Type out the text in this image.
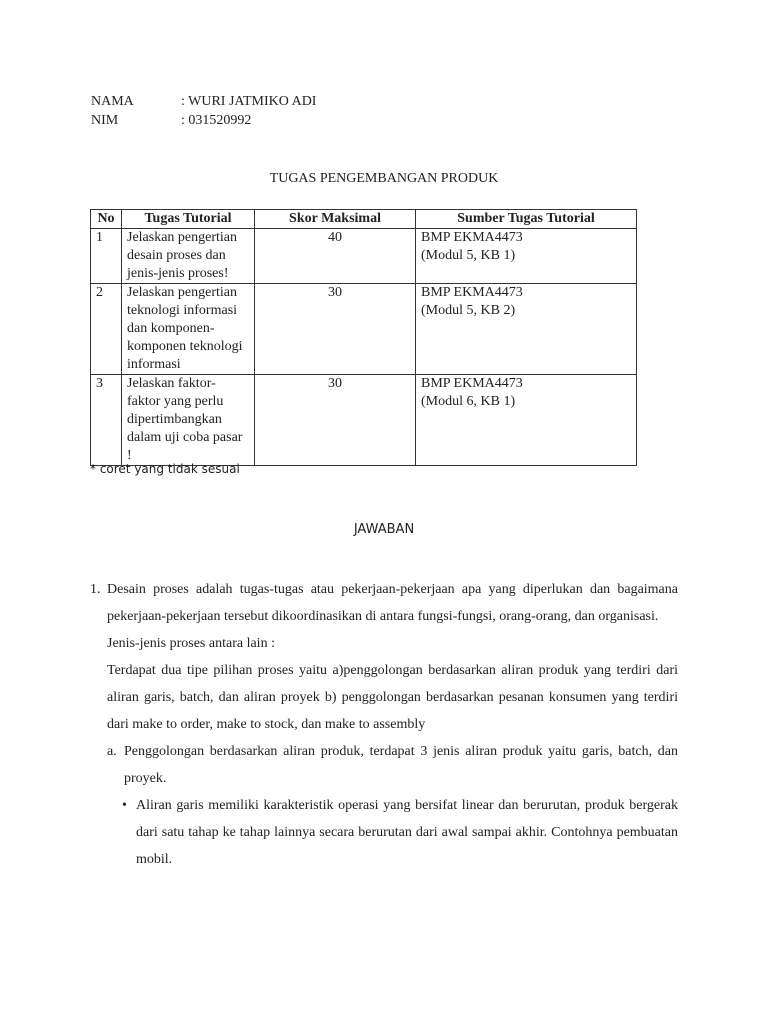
NAMA	: WURI JATMIKO ADI
NIM	: 031520992
TUGAS PENGEMBANGAN PRODUK
No	Tugas Tutorial	Skor Maksimal	Sumber Tugas Tutorial
1	Jelaskan pengertian desain proses dan jenis-jenis proses!	40	BMP EKMA4473
(Modul 5, KB 1)

2	Jelaskan pengertian teknologi informasi dan komponen-komponen teknologi informasi	30	BMP EKMA4473
(Modul 5, KB 2)

3	Jelaskan faktor-faktor yang perlu dipertimbangkan dalam uji coba pasar !	30	BMP EKMA4473
(Modul 6, KB 1)
* coret yang tidak sesuai
JAWABAN
1. Desain proses adalah tugas-tugas atau pekerjaan-pekerjaan apa yang diperlukan dan bagaimana pekerjaan-pekerjaan tersebut dikoordinasikan di antara fungsi-fungsi, orang-orang, dan organisasi.
Jenis-jenis proses antara lain :
Terdapat dua tipe pilihan proses yaitu a)penggolongan berdasarkan aliran produk yang terdiri dari aliran garis, batch, dan aliran proyek b) penggolongan berdasarkan pesanan konsumen yang terdiri dari make to order, make to stock, dan make to assembly
a. Penggolongan berdasarkan aliran produk, terdapat 3 jenis aliran produk yaitu garis, batch, dan proyek.
• Aliran garis memiliki karakteristik operasi yang bersifat linear dan berurutan, produk bergerak dari satu tahap ke tahap lainnya secara berurutan dari awal sampai akhir. Contohnya pembuatan mobil.
